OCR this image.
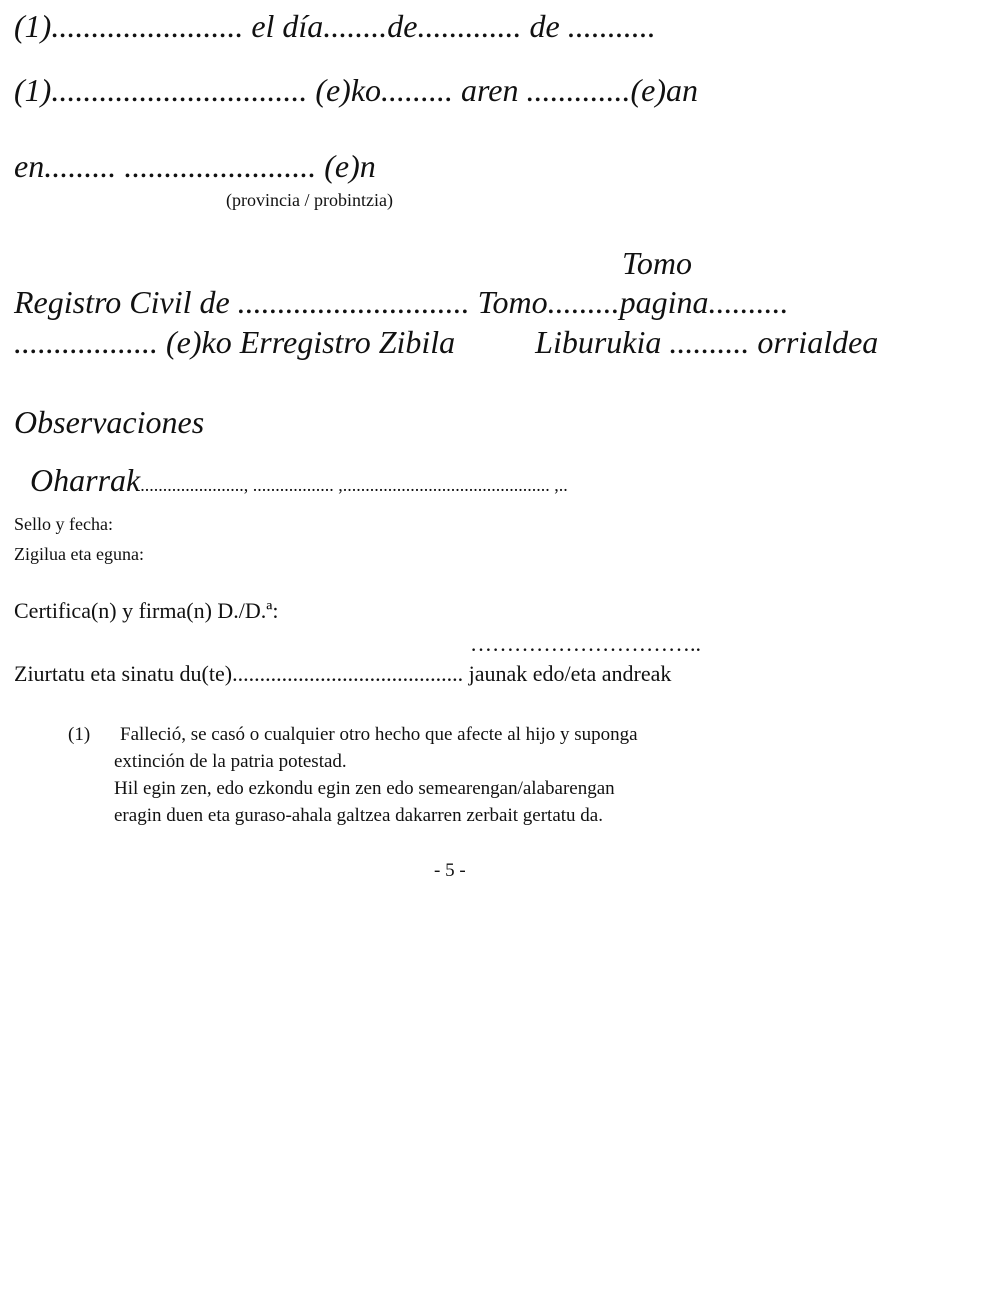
(1)........................ el día........de............. de ...........
(1)................................ (e)ko......... aren .............(e)an
en......... ........................ (e)n
(provincia / probintzia)
Tomo
Registro Civil de ............................. Tomo.........pagina..........
.................. (e)ko Erregistro Zibila          Liburukia .......... orrialdea
Observaciones

Oharrak......................., .................. ,.............................................. ,..

Sello y fecha:
Zigilua eta eguna:
Certifica(n) y firma(n) D./D.ª:
…………………………..
Ziurtatu eta sinatu du(te).......................................... jaunak edo/eta andreak
(1) Falleció, se casó o cualquier otro hecho que afecte al hijo y suponga
extinción de la patria potestad.
Hil egin zen, edo ezkondu egin zen edo semearengan/alabarengan
eragin duen eta guraso-ahala galtzea dakarren zerbait gertatu da.
- 5 -
